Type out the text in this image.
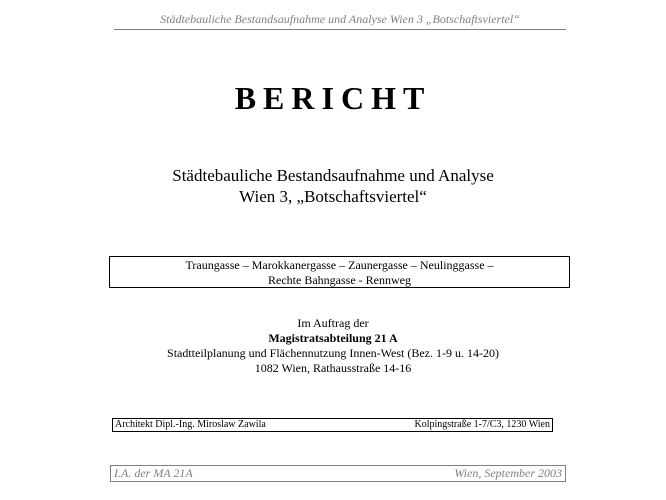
Städtebauliche Bestandsaufnahme und Analyse Wien 3 „Botschaftsviertel“
BERICHT
Städtebauliche Bestandsaufnahme und Analyse
Wien 3, „Botschaftsviertel“
Traungasse – Marokkanergasse – Zaunergasse – Neulinggasse –
Rechte Bahngasse - Rennweg
Im Auftrag der
Magistratsabteilung 21 A
Stadtteilplanung und Flächennutzung Innen-West (Bez. 1-9 u. 14-20)
1082 Wien, Rathausstraße 14-16
Architekt Dipl.-Ing. Miroslaw Zawila	Kolpingstraße 1-7/C3, 1230 Wien
I.A. der MA 21A	Wien, September 2003
